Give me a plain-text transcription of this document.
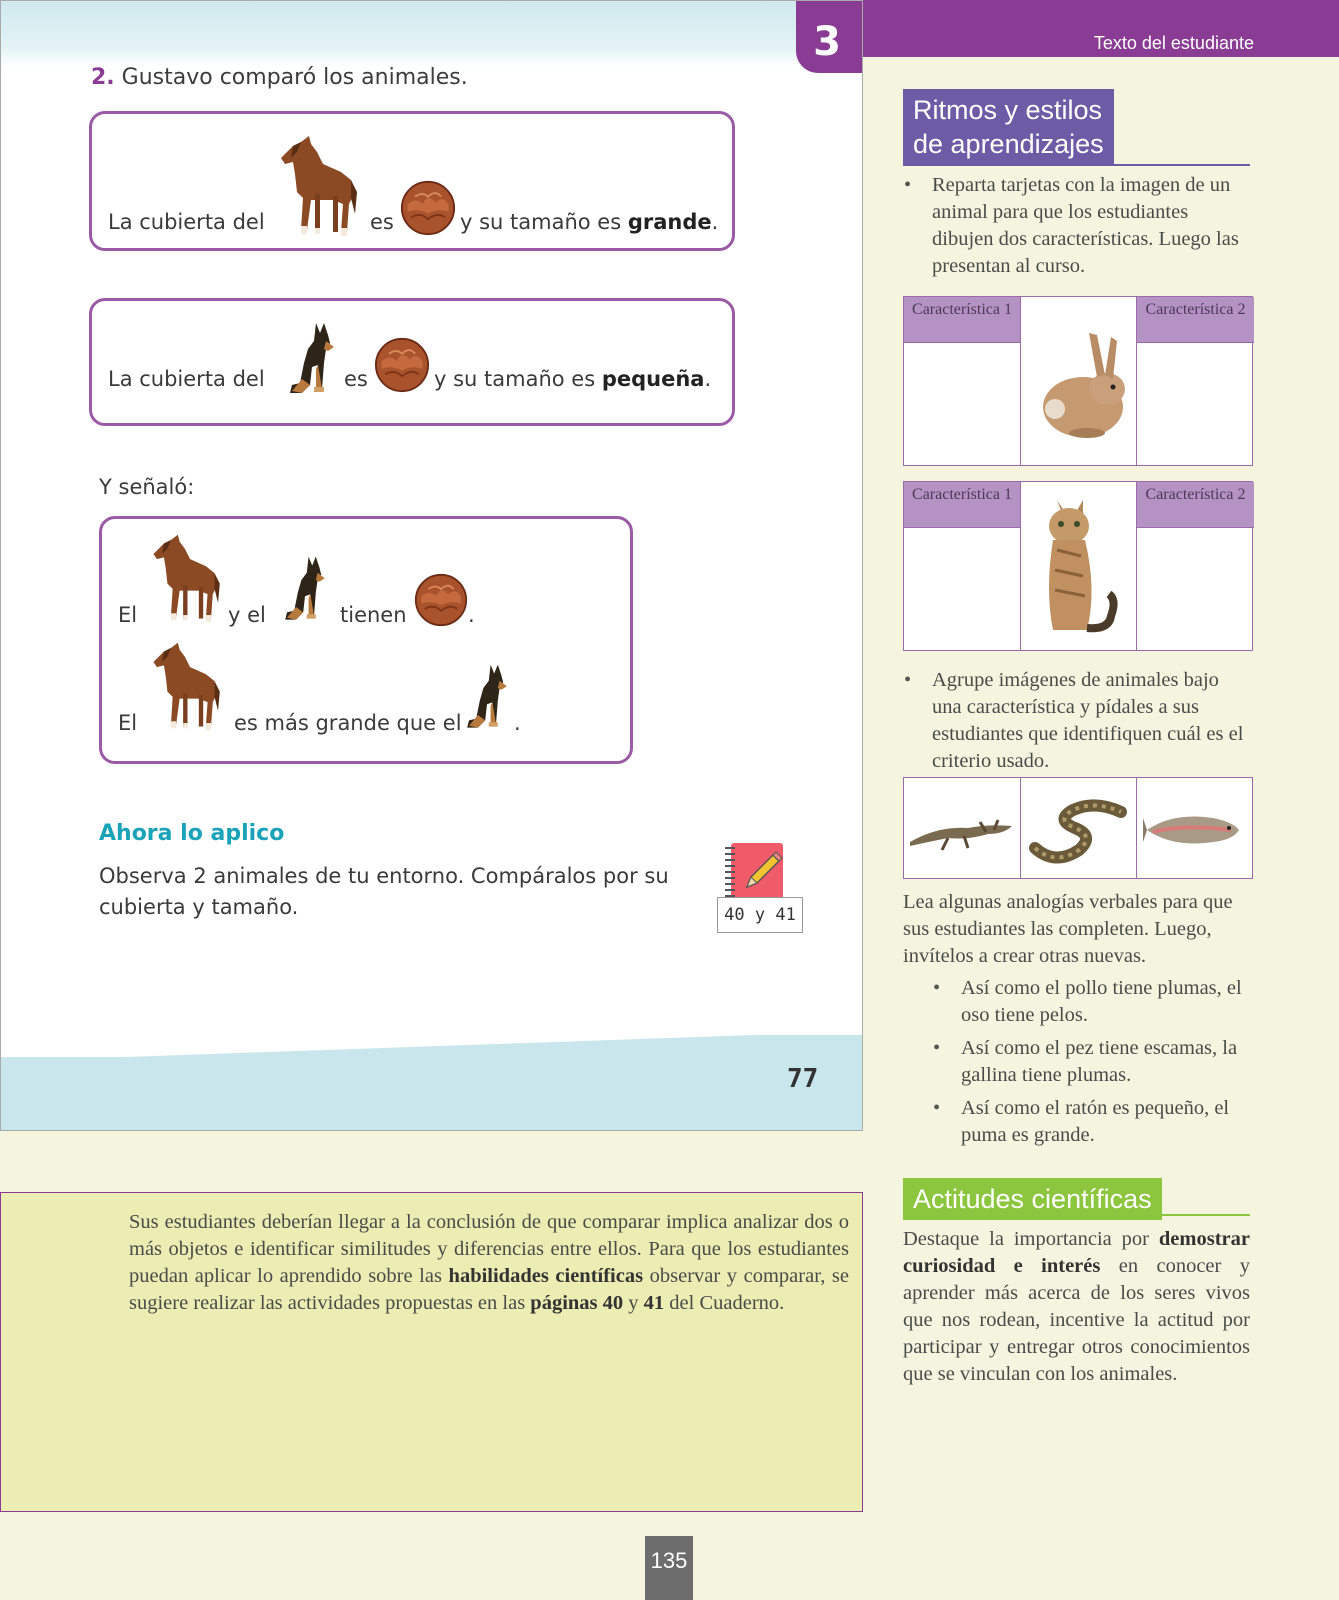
3
2. Gustavo comparó los animales.
La cubierta del	es	y su tamaño es grande.
La cubierta del	es	y su tamaño es pequeña.
Y señaló:
El	y el	tienen	.
El	es más grande que el .
Ahora lo aplico
Observa 2 animales de tu entorno. Compáralos por su cubierta y tamaño.	40 y 41
77
Texto del estudiante
Ritmos y estilos
de aprendizajes
• Reparta tarjetas con la imagen de un animal para que los estudiantes dibujen dos características. Luego las presentan al curso.
Característica 1	Característica 2
Característica 1	Característica 2
• Agrupe imágenes de animales bajo una característica y pídales a sus estudiantes que identifiquen cuál es el criterio usado.
Lea algunas analogías verbales para que sus estudiantes las completen. Luego, invítelos a crear otras nuevas.
• Así como el pollo tiene plumas, el oso tiene pelos.
• Así como el pez tiene escamas, la gallina tiene plumas.
• Así como el ratón es pequeño, el puma es grande.
Actitudes científicas
Destaque la importancia por demostrar curiosidad e interés en conocer y aprender más acerca de los seres vivos que nos rodean, incentive la actitud por participar y entregar otros conocimientos que se vinculan con los animales.
Sus estudiantes deberían llegar a la conclusión de que comparar implica analizar dos o más objetos e identificar similitudes y diferencias entre ellos. Para que los estudiantes puedan aplicar lo aprendido sobre las habilidades científicas observar y comparar, se sugiere realizar las actividades propuestas en las páginas 40 y 41 del Cuaderno.
135
